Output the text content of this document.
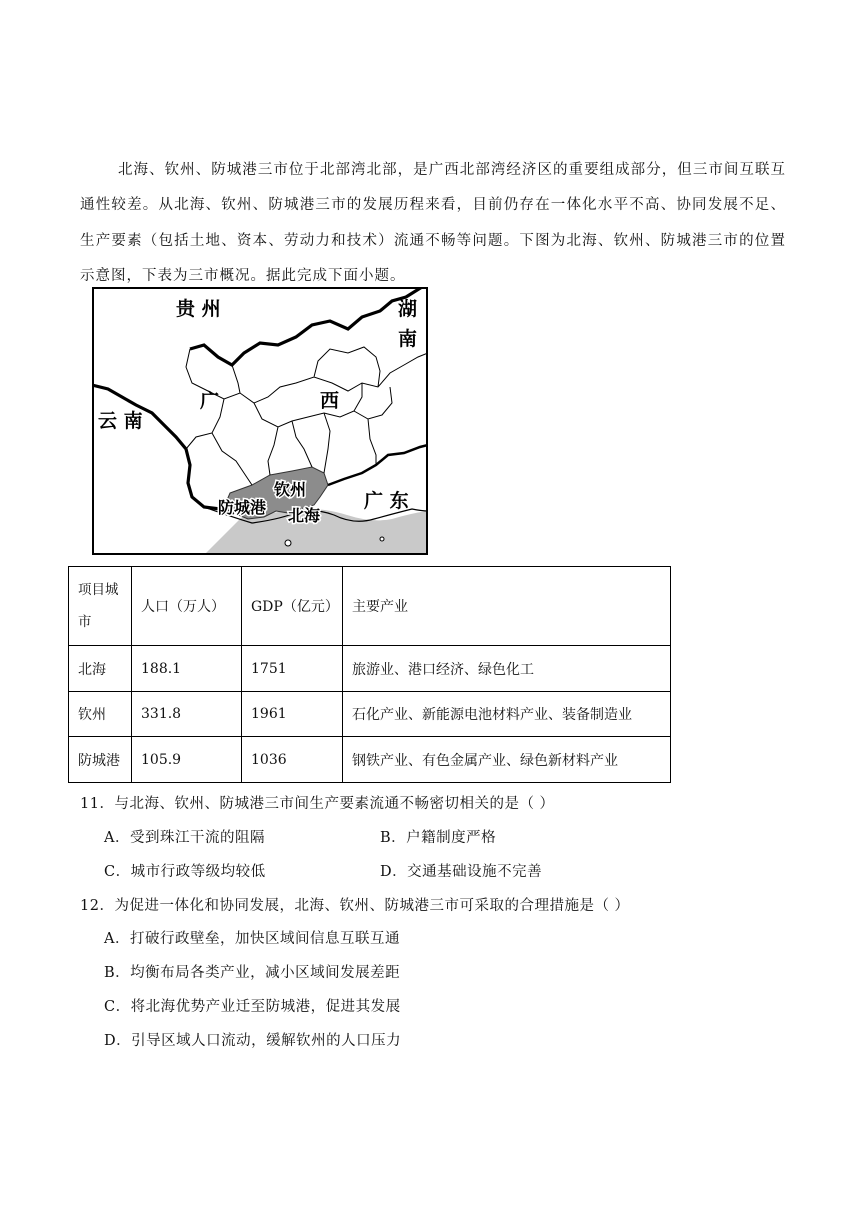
北海、钦州、防城港三市位于北部湾北部，是广西北部湾经济区的重要组成部分，但三市间互联互通性较差。从北海、钦州、防城港三市的发展历程来看，目前仍存在一体化水平不高、协同发展不足、生产要素（包括土地、资本、劳动力和技术）流通不畅等问题。下图为北海、钦州、防城港三市的位置示意图，下表为三市概况。据此完成下面小题。

贵 州	湖
南
云 南
广	西
广 东
钦州
防城港 北海
项目城市	人口（万人）	GDP（亿元）	主要产业
北海	188.1	1751	旅游业、港口经济、绿色化工
钦州	331.8	1961	石化产业、新能源电池材料产业、装备制造业
防城港	105.9	1036	钢铁产业、有色金属产业、绿色新材料产业
11．与北海、钦州、防城港三市间生产要素流通不畅密切相关的是（ ）
A．受到珠江干流的阻隔	B．户籍制度严格
C．城市行政等级均较低	D．交通基础设施不完善
12．为促进一体化和协同发展，北海、钦州、防城港三市可采取的合理措施是（ ）
A．打破行政壁垒，加快区域间信息互联互通
B．均衡布局各类产业，减小区域间发展差距
C．将北海优势产业迁至防城港，促进其发展
D．引导区域人口流动，缓解钦州的人口压力
